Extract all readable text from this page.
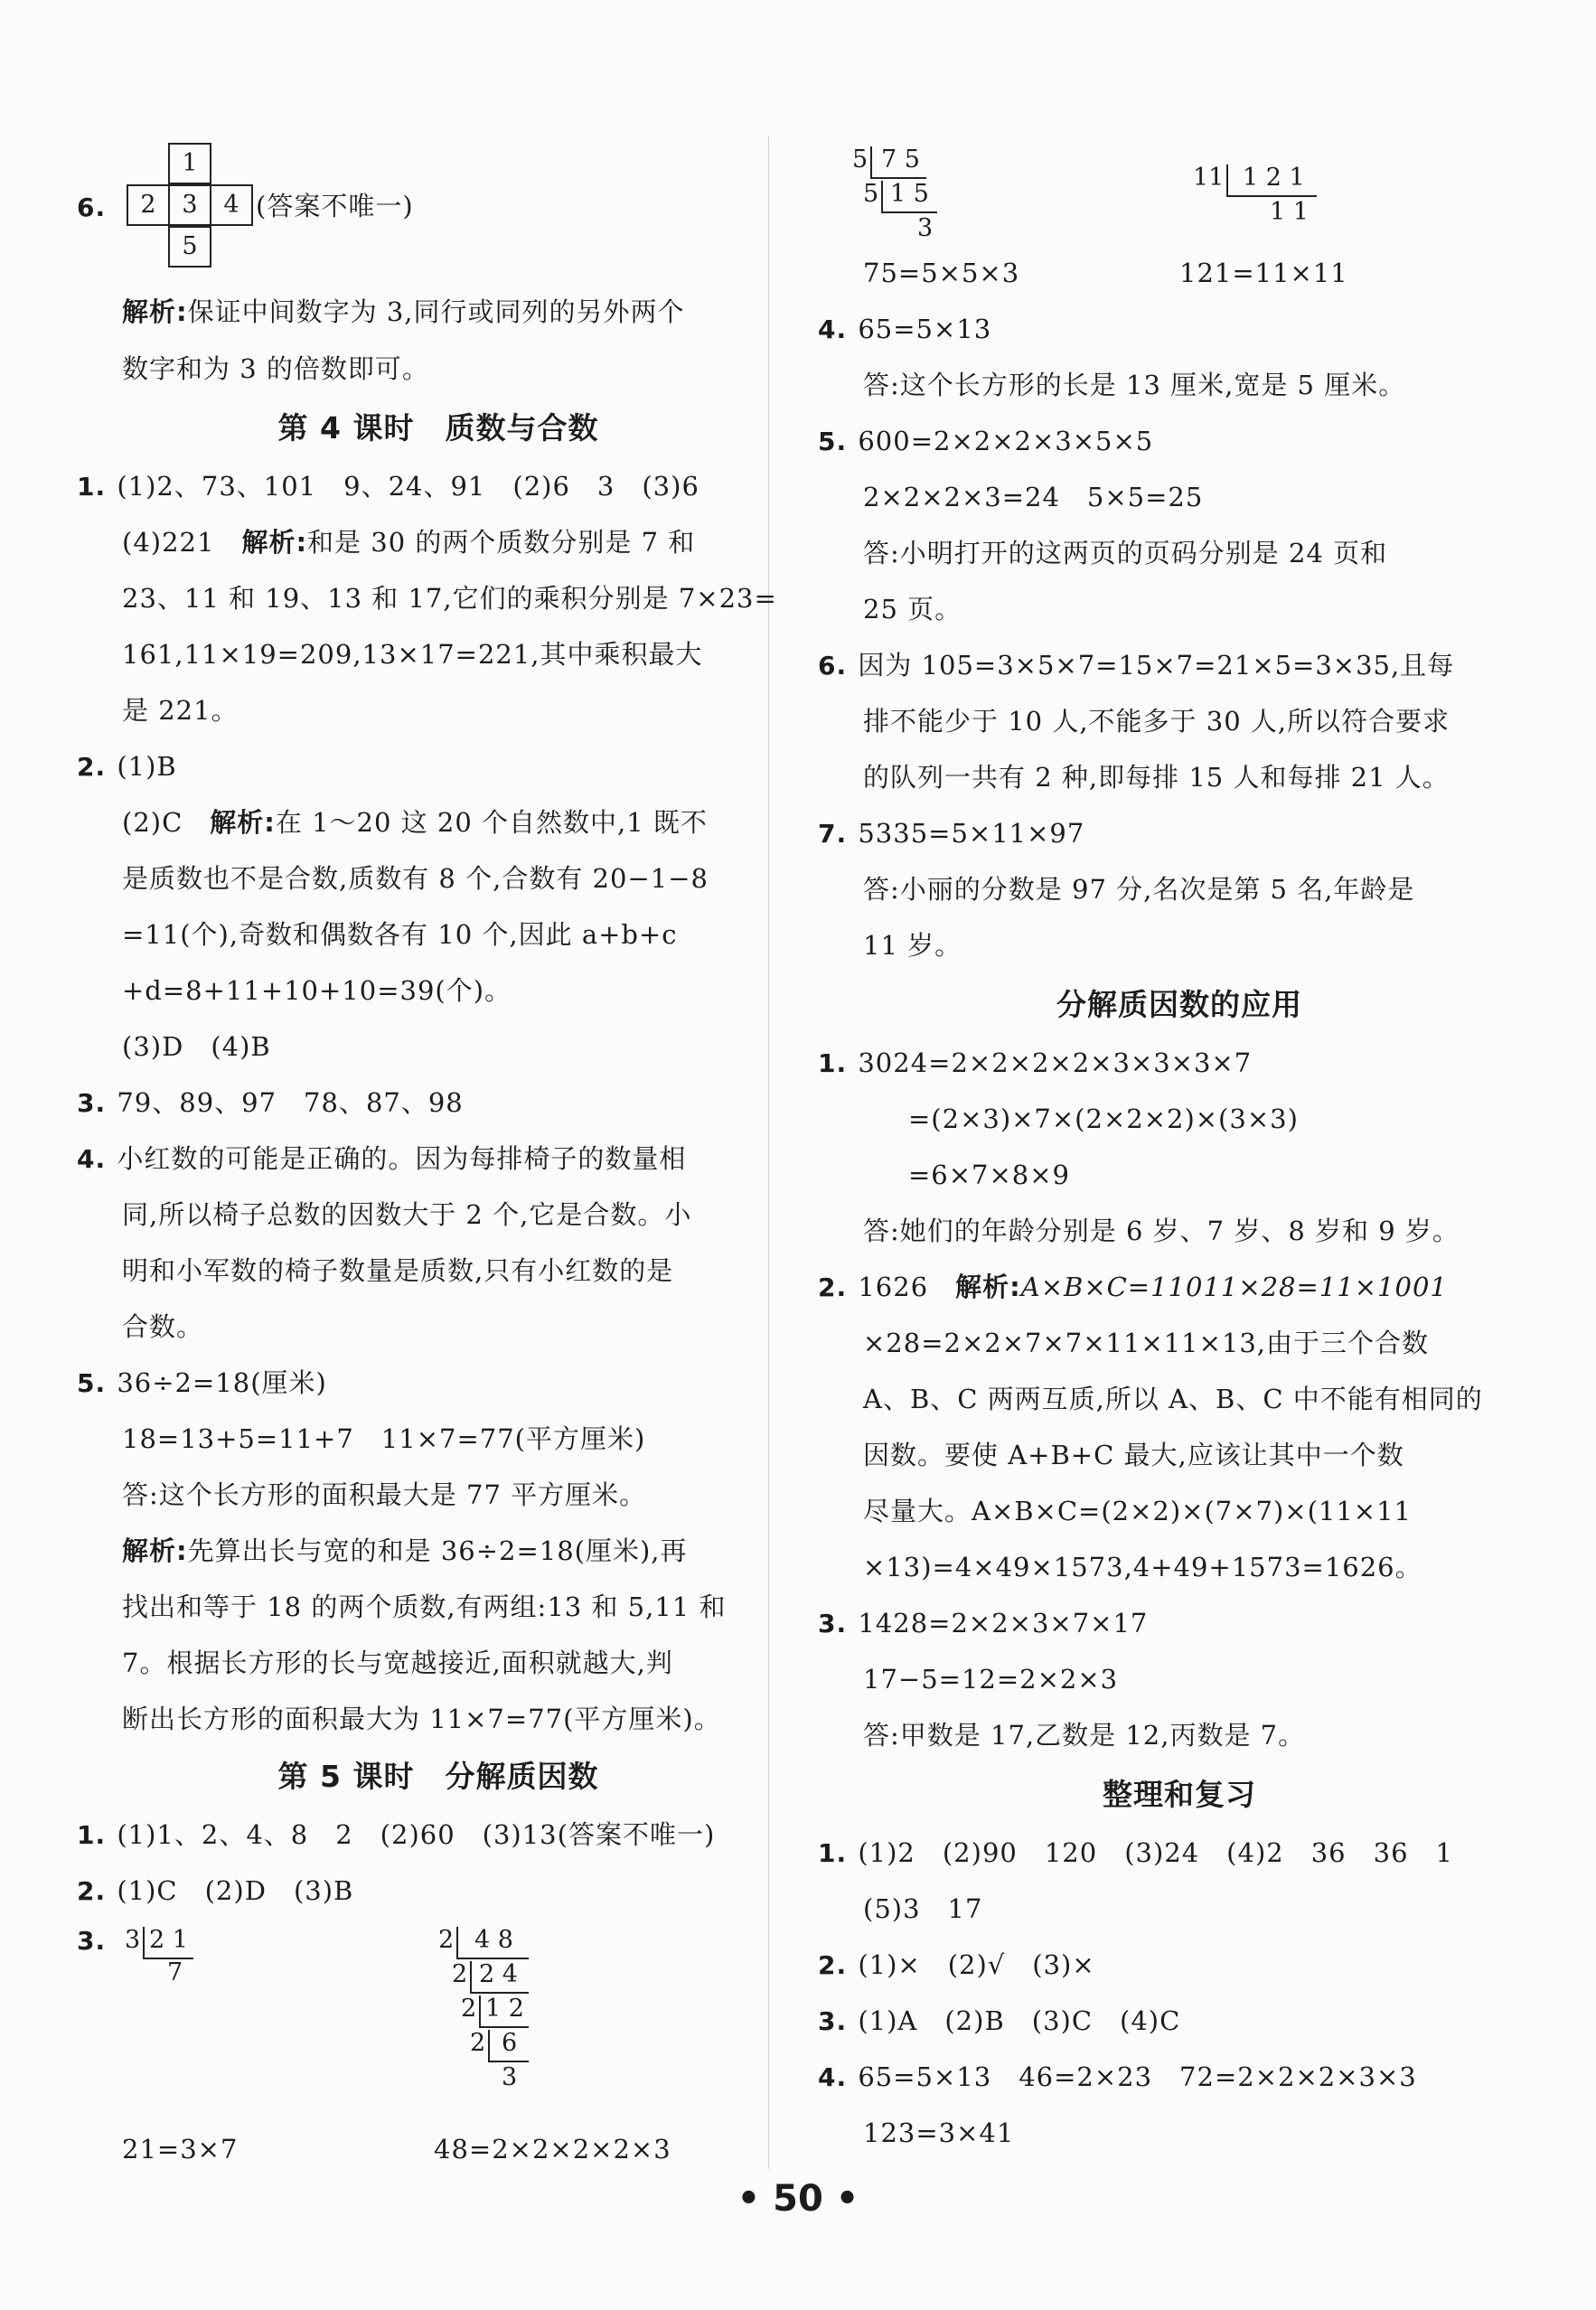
6.	2
1
3	4
5
(答案不唯一)
解析:保证中间数字为 3,同行或同列的另外两个
数字和为 3 的倍数即可。
第 4 课时　质数与合数
1. (1)2、73、101　9、24、91　(2)6　3　(3)6
(4)221　解析:和是 30 的两个质数分别是 7 和
23、11 和 19、13 和 17,它们的乘积分别是 7×23=
161,11×19=209,13×17=221,其中乘积最大
是 221。
2. (1)B
(2)C　解析:在 1～20 这 20 个自然数中,1 既不
是质数也不是合数,质数有 8 个,合数有 20−1−8
=11(个),奇数和偶数各有 10 个,因此 a+b+c
+d=8+11+10+10=39(个)。
(3)D　(4)B
3. 79、89、97　78、87、98
4. 小红数的可能是正确的。因为每排椅子的数量相
同,所以椅子总数的因数大于 2 个,它是合数。小
明和小军数的椅子数量是质数,只有小红数的是
合数。
5. 36÷2=18(厘米)
18=13+5=11+7　11×7=77(平方厘米)
答:这个长方形的面积最大是 77 平方厘米。
解析:先算出长与宽的和是 36÷2=18(厘米),再
找出和等于 18 的两个质数,有两组:13 和 5,11 和
7。根据长方形的长与宽越接近,面积就越大,判
断出长方形的面积最大为 11×7=77(平方厘米)。
第 5 课时　分解质因数
1. (1)1、2、4、8　2　(2)60　(3)13(答案不唯一)
2. (1)C　(2)D　(3)B
3. 3 2 1
7
2 4 8
2 2 4
2 1 2
2 6
3
21=3×7	48=2×2×2×2×3
5 7 5
5 1 5
3
11 1 2 1
1 1
75=5×5×3	121=11×11
4. 65=5×13
答:这个长方形的长是 13 厘米,宽是 5 厘米。
5. 600=2×2×2×3×5×5
2×2×2×3=24　5×5=25
答:小明打开的这两页的页码分别是 24 页和
25 页。
6. 因为 105=3×5×7=15×7=21×5=3×35,且每
排不能少于 10 人,不能多于 30 人,所以符合要求
的队列一共有 2 种,即每排 15 人和每排 21 人。
7. 5335=5×11×97
答:小丽的分数是 97 分,名次是第 5 名,年龄是
11 岁。
分解质因数的应用
1. 3024=2×2×2×2×3×3×3×7
=(2×3)×7×(2×2×2)×(3×3)
=6×7×8×9
答:她们的年龄分别是 6 岁、7 岁、8 岁和 9 岁。
2. 1626　解析:A×B×C=11011×28=11×1001
×28=2×2×7×7×11×11×13,由于三个合数
A、B、C 两两互质,所以 A、B、C 中不能有相同的
因数。要使 A+B+C 最大,应该让其中一个数
尽量大。A×B×C=(2×2)×(7×7)×(11×11
×13)=4×49×1573,4+49+1573=1626。
3. 1428=2×2×3×7×17
17−5=12=2×2×3
答:甲数是 17,乙数是 12,丙数是 7。
整理和复习
1. (1)2　(2)90　120　(3)24　(4)2　36　36　1
(5)3　17
2. (1)×　(2)√　(3)×
3. (1)A　(2)B　(3)C　(4)C
4. 65=5×13　46=2×23　72=2×2×2×3×3
123=3×41
• 50 •
